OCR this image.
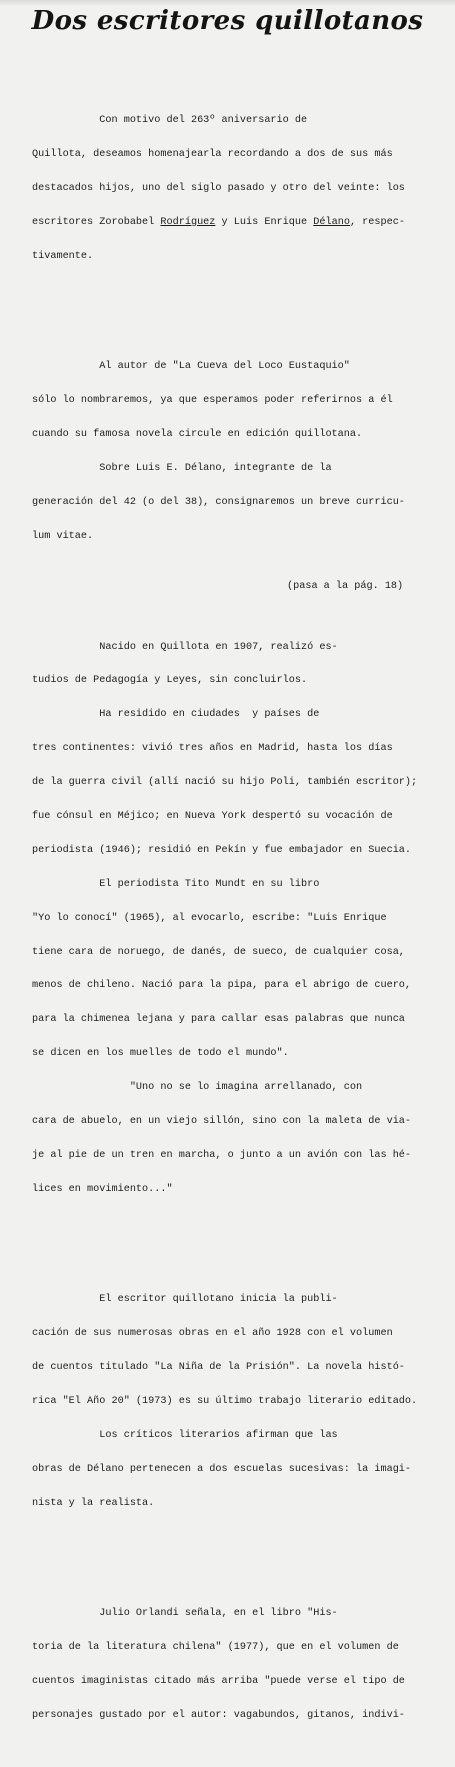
Dos escritores quillotanos

Con motivo del 263º aniversario de

Quillota, deseamos homenajearla recordando a dos de sus más

destacados hijos, uno del siglo pasado y otro del veinte: los

escritores Zorobabel Rodríguez y Luis Enrique Délano, respec-

tivamente.

Al autor de "La Cueva del Loco Eustaquio"

sólo lo nombraremos, ya que esperamos poder referirnos a él

cuando su famosa novela circule en edición quillotana.

Sobre Luis E. Délano, integrante de la

generación del 42 (o del 38), consignaremos un breve curricu-

lum vitae.

Nacido en Quillota en 1907, realizó es-

tudios de Pedagogía y Leyes, sin concluirlos.

Ha residido en ciudades  y países de

tres continentes: vivió tres años en Madrid, hasta los días

de la guerra civil (allí nació su hijo Poli, también escritor);

fue cónsul en Méjico; en Nueva York despertó su vocación de

periodista (1946); residió en Pekín y fue embajador en Suecia.

El periodista Tito Mundt en su libro

"Yo lo conocí" (1965), al evocarlo, escribe: "Luis Enrique

tiene cara de noruego, de danés, de sueco, de cualquier cosa,

menos de chileno. Nació para la pipa, para el abrigo de cuero,

para la chimenea lejana y para callar esas palabras que nunca

se dicen en los muelles de todo el mundo".

"Uno no se lo imagina arrellanado, con

cara de abuelo, en un viejo sillón, sino con la maleta de via-

je al pie de un tren en marcha, o junto a un avión con las hé-

lices en movimiento..."

El escritor quillotano inicia la publi-

cación de sus numerosas obras en el año 1928 con el volumen

de cuentos titulado "La Niña de la Prisión". La novela histó-

rica "El Año 20" (1973) es su último trabajo literario editado.

Los críticos literarios afirman que las

obras de Délano pertenecen a dos escuelas sucesivas: la imagi-

nista y la realista.

Julio Orlandi señala, en el libro "His-

toria de la literatura chilena" (1977), que en el volumen de

cuentos imaginistas citado más arriba "puede verse el tipo de

personajes gustado por el autor: vagabundos, gitanos, indivi-

(pasa a la pág. 18)
